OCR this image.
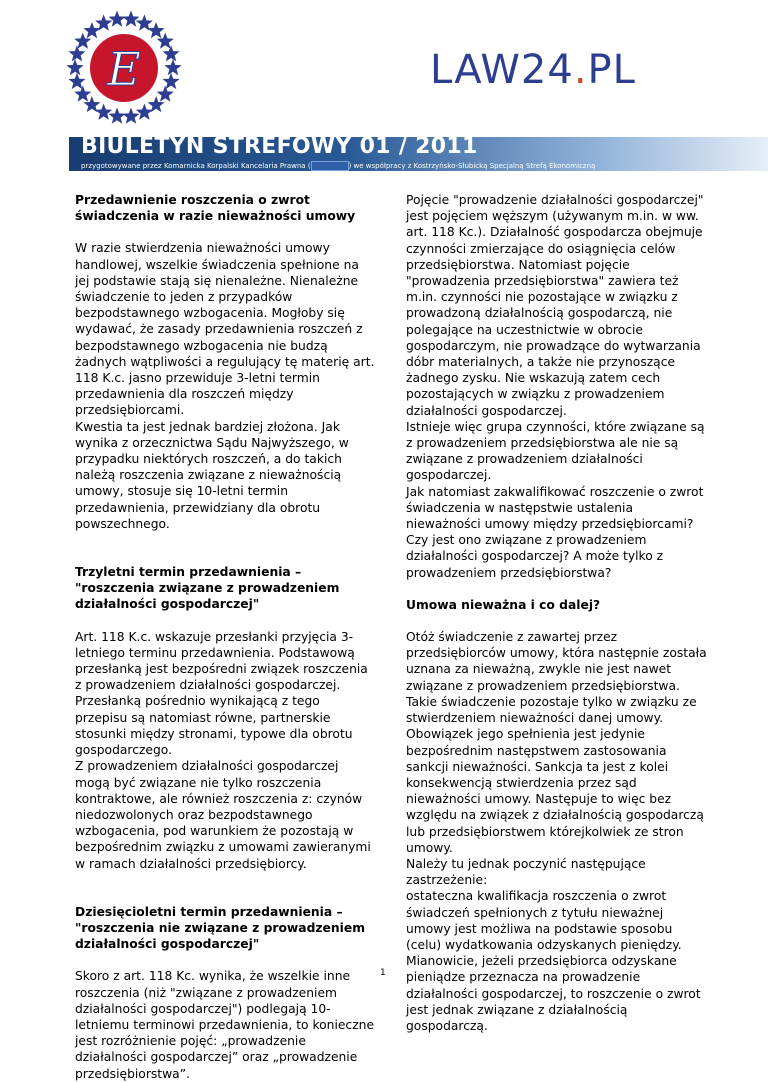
E	LAW24.PL
BIULETYN STREFOWY 01 / 2011
przygotowywane przez Komarnicka Korpalski Kancelaria Prawna (	) we współpracy z Kostrzyńsko-Słubicką Specjalną Strefą Ekonomiczną

Przedawnienie roszczenia o zwrot świadczenia w razie nieważności umowy

W razie stwierdzenia nieważności umowy handlowej, wszelkie świadczenia spełnione na jej podstawie stają się nienależne. Nienależne świadczenie to jeden z przypadków bezpodstawnego wzbogacenia. Mogłoby się wydawać, że zasady przedawnienia roszczeń z bezpodstawnego wzbogacenia nie budzą żadnych wątpliwości a regulujący tę materię art. 118 K.c. jasno przewiduje 3-letni termin przedawnienia dla roszczeń między przedsiębiorcami.

Kwestia ta jest jednak bardziej złożona. Jak wynika z orzecznictwa Sądu Najwyższego, w przypadku niektórych roszczeń, a do takich należą roszczenia związane z nieważnością umowy, stosuje się 10-letni termin przedawnienia, przewidziany dla obrotu powszechnego.

Trzyletni termin przedawnienia – "roszczenia związane z prowadzeniem działalności gospodarczej"

Art. 118 K.c. wskazuje przesłanki przyjęcia 3-letniego terminu przedawnienia. Podstawową przesłanką jest bezpośredni związek roszczenia z prowadzeniem działalności gospodarczej. Przesłanką pośrednio wynikającą z tego przepisu są natomiast równe, partnerskie stosunki między stronami, typowe dla obrotu gospodarczego.

Z prowadzeniem działalności gospodarczej mogą być związane nie tylko roszczenia kontraktowe, ale również roszczenia z: czynów niedozwolonych oraz bezpodstawnego wzbogacenia, pod warunkiem że pozostają w bezpośrednim związku z umowami zawieranymi w ramach działalności przedsiębiorcy.

Dziesięcioletni termin przedawnienia – "roszczenia nie związane z prowadzeniem działalności gospodarczej"

Skoro z art. 118 Kc. wynika, że wszelkie inne roszczenia (niż "związane z prowadzeniem działalności gospodarczej") podlegają 10-letniemu terminowi przedawnienia, to konieczne jest rozróżnienie pojęć: „prowadzenie działalności gospodarczej” oraz „prowadzenie przedsiębiorstwa”.

Pojęcie "prowadzenie działalności gospodarczej" jest pojęciem węższym (używanym m.in. w ww. art. 118 Kc.). Działalność gospodarcza obejmuje czynności zmierzające do osiągnięcia celów przedsiębiorstwa. Natomiast pojęcie "prowadzenia przedsiębiorstwa" zawiera też m.in. czynności nie pozostające w związku z prowadzoną działalnością gospodarczą, nie polegające na uczestnictwie w obrocie gospodarczym, nie prowadzące do wytwarzania dóbr materialnych, a także nie przynoszące żadnego zysku. Nie wskazują zatem cech pozostających w związku z prowadzeniem działalności gospodarczej.

Istnieje więc grupa czynności, które związane są z prowadzeniem przedsiębiorstwa ale nie są związane z prowadzeniem działalności gospodarczej.

Jak natomiast zakwalifikować roszczenie o zwrot świadczenia w następstwie ustalenia nieważności umowy między przedsiębiorcami? Czy jest ono związane z prowadzeniem działalności gospodarczej? A może tylko z prowadzeniem przedsiębiorstwa?

Umowa nieważna i co dalej?

Otóż świadczenie z zawartej przez przedsiębiorców umowy, która następnie została uznana za nieważną, zwykle nie jest nawet związane z prowadzeniem przedsiębiorstwa. Takie świadczenie pozostaje tylko w związku ze stwierdzeniem nieważności danej umowy. Obowiązek jego spełnienia jest jedynie bezpośrednim następstwem zastosowania sankcji nieważności. Sankcja ta jest z kolei konsekwencją stwierdzenia przez sąd nieważności umowy. Następuje to więc bez względu na związek z działalnością gospodarczą lub przedsiębiorstwem którejkolwiek ze stron umowy.

Należy tu jednak poczynić następujące zastrzeżenie:

ostateczna kwalifikacja roszczenia o zwrot świadczeń spełnionych z tytułu nieważnej umowy jest możliwa na podstawie sposobu (celu) wydatkowania odzyskanych pieniędzy. Mianowicie, jeżeli przedsiębiorca odzyskane pieniądze przeznacza na prowadzenie działalności gospodarczej, to roszczenie o zwrot jest jednak związane z działalnością gospodarczą.

1
